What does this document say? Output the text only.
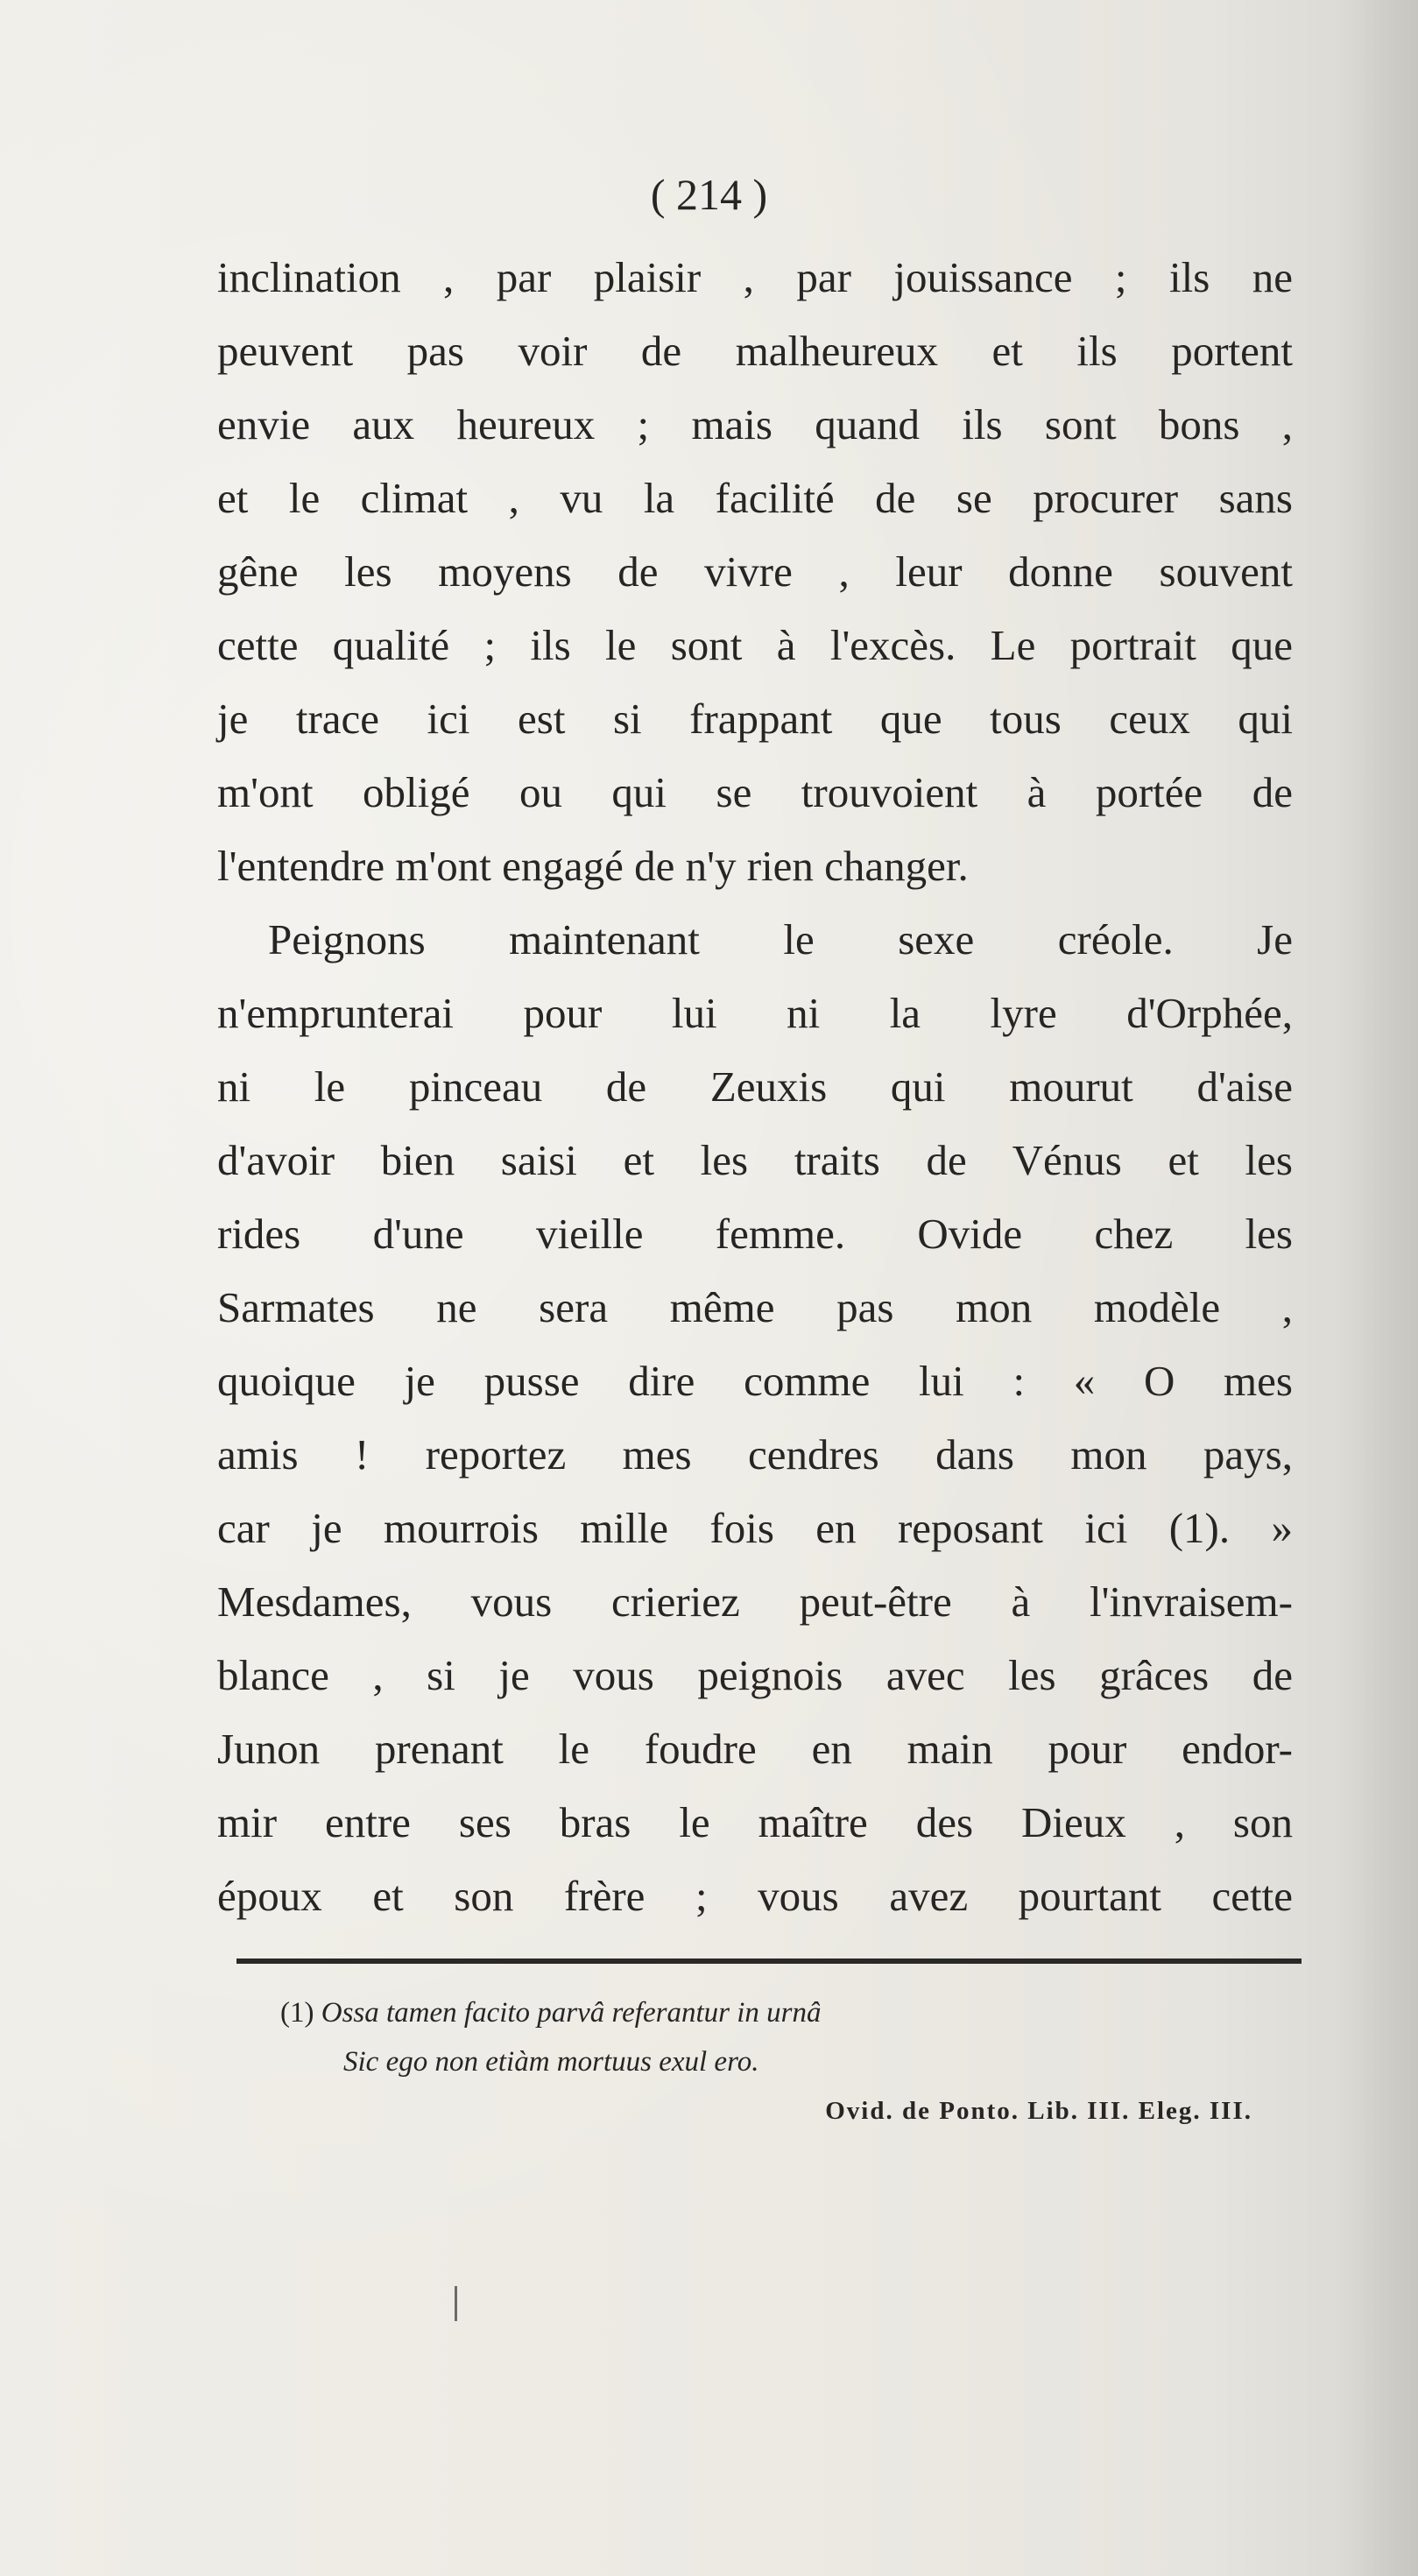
( 214 )
inclination , par plaisir , par jouissance ; ils ne
peuvent pas voir de malheureux et ils portent
envie aux heureux ; mais quand ils sont bons ,
et le climat , vu la facilité de se procurer sans
gêne les moyens de vivre , leur donne souvent
cette qualité ; ils le sont à l'excès. Le portrait que
je trace ici est si frappant que tous ceux qui
m'ont obligé ou qui se trouvoient à portée de
l'entendre m'ont engagé de n'y rien changer.
Peignons maintenant le sexe créole. Je
n'emprunterai pour lui ni la lyre d'Orphée,
ni le pinceau de Zeuxis qui mourut d'aise
d'avoir bien saisi et les traits de Vénus et les
rides d'une vieille femme. Ovide chez les
Sarmates ne sera même pas mon modèle ,
quoique je pusse dire comme lui : « O mes
amis ! reportez mes cendres dans mon pays,
car je mourrois mille fois en reposant ici (1). »
Mesdames, vous crieriez peut-être à l'invraisem-
blance , si je vous peignois avec les grâces de
Junon prenant le foudre en main pour endor-
mir entre ses bras le maître des Dieux , son
époux et son frère ; vous avez pourtant cette
(1) Ossa tamen facito parvâ referantur in urnâ
Sic ego non etiàm mortuus exul ero.
Ovid. de Ponto. Lib. III. Eleg. III.
